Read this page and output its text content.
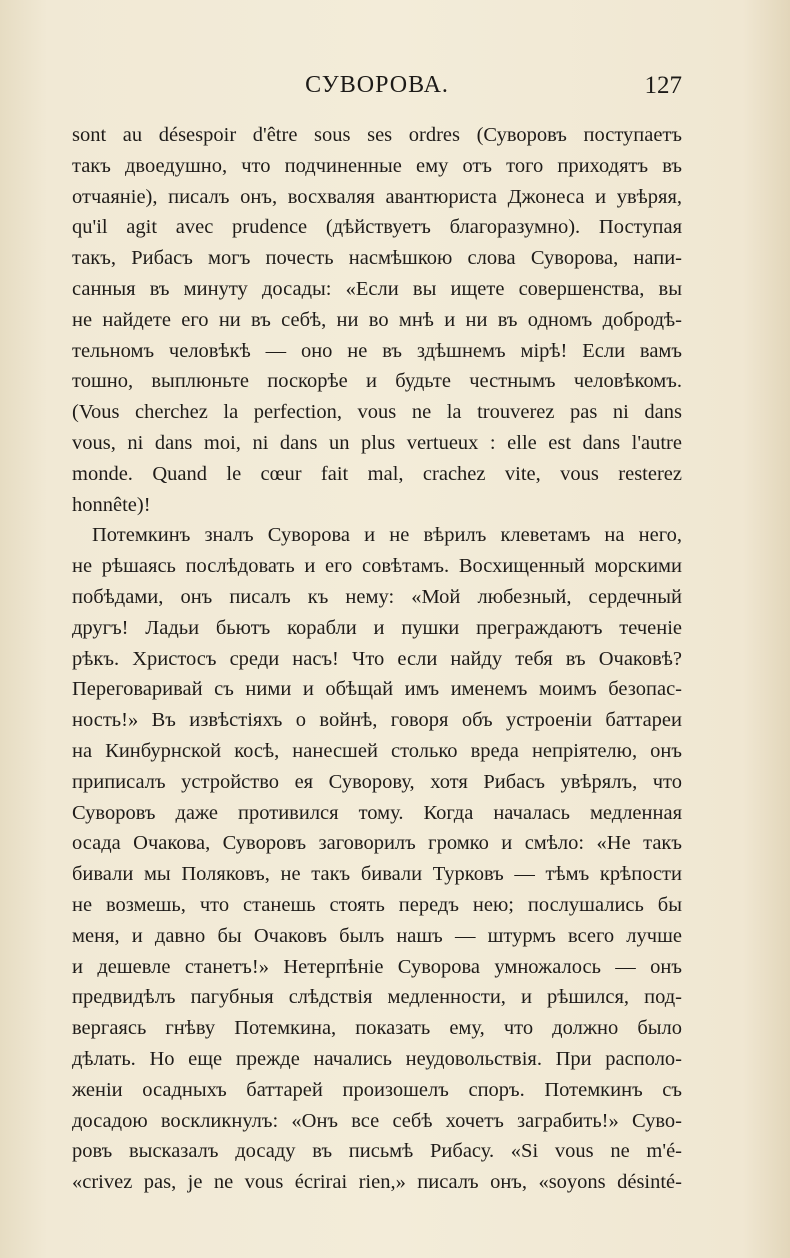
СУВОРОВА.	127
sont au désespoir d'être sous ses ordres (Суворовъ поступаетъ
такъ двоедушно, что подчиненные ему отъ того приходятъ въ
отчаяніе), писалъ онъ, восхваляя авантюриста Джонеса и увѣряя,
qu'il agit avec prudence (дѣйствуетъ благоразумно). Поступая
такъ, Рибасъ могъ почесть насмѣшкою слова Суворова, напи-
санныя въ минуту досады: «Если вы ищете совершенства, вы
не найдете его ни въ себѣ, ни во мнѣ и ни въ одномъ добродѣ-
тельномъ человѣкѣ — оно не въ здѣшнемъ мірѣ! Если вамъ
тошно, выплюньте поскорѣе и будьте честнымъ человѣкомъ.
(Vous cherchez la perfection, vous ne la trouverez pas ni dans
vous, ni dans moi, ni dans un plus vertueux : elle est dans l'autre
monde. Quand le cœur fait mal, crachez vite, vous resterez
honnête)!
Потемкинъ зналъ Суворова и не вѣрилъ клеветамъ на него,
не рѣшаясь послѣдовать и его совѣтамъ. Восхищенный морскими
побѣдами, онъ писалъ къ нему: «Мой любезный, сердечный
другъ! Ладьи бьютъ корабли и пушки преграждаютъ теченіе
рѣкъ. Христосъ среди насъ! Что если найду тебя въ Очаковѣ?
Переговаривай съ ними и обѣщай имъ именемъ моимъ безопас-
ность!» Въ извѣстіяхъ о войнѣ, говоря объ устроеніи баттареи
на Кинбурнской косѣ, нанесшей столько вреда непріятелю, онъ
приписалъ устройство ея Суворову, хотя Рибасъ увѣрялъ, что
Суворовъ даже противился тому. Когда началась медленная
осада Очакова, Суворовъ заговорилъ громко и смѣло: «Не такъ
бивали мы Поляковъ, не такъ бивали Турковъ — тѣмъ крѣпости
не возмешь, что станешь стоять передъ нею; послушались бы
меня, и давно бы Очаковъ былъ нашъ — штурмъ всего лучше
и дешевле станетъ!» Нетерпѣніе Суворова умножалось — онъ
предвидѣлъ пагубныя слѣдствія медленности, и рѣшился, под-
вергаясь гнѣву Потемкина, показать ему, что должно было
дѣлать. Но еще прежде начались неудовольствія. При располо-
женіи осадныхъ баттарей произошелъ споръ. Потемкинъ съ
досадою воскликнулъ: «Онъ все себѣ хочетъ заграбить!» Суво-
ровъ высказалъ досаду въ письмѣ Рибасу. «Si vous ne m'é-
«crivez pas, je ne vous écrirai rien,» писалъ онъ, «soyons désinté-
